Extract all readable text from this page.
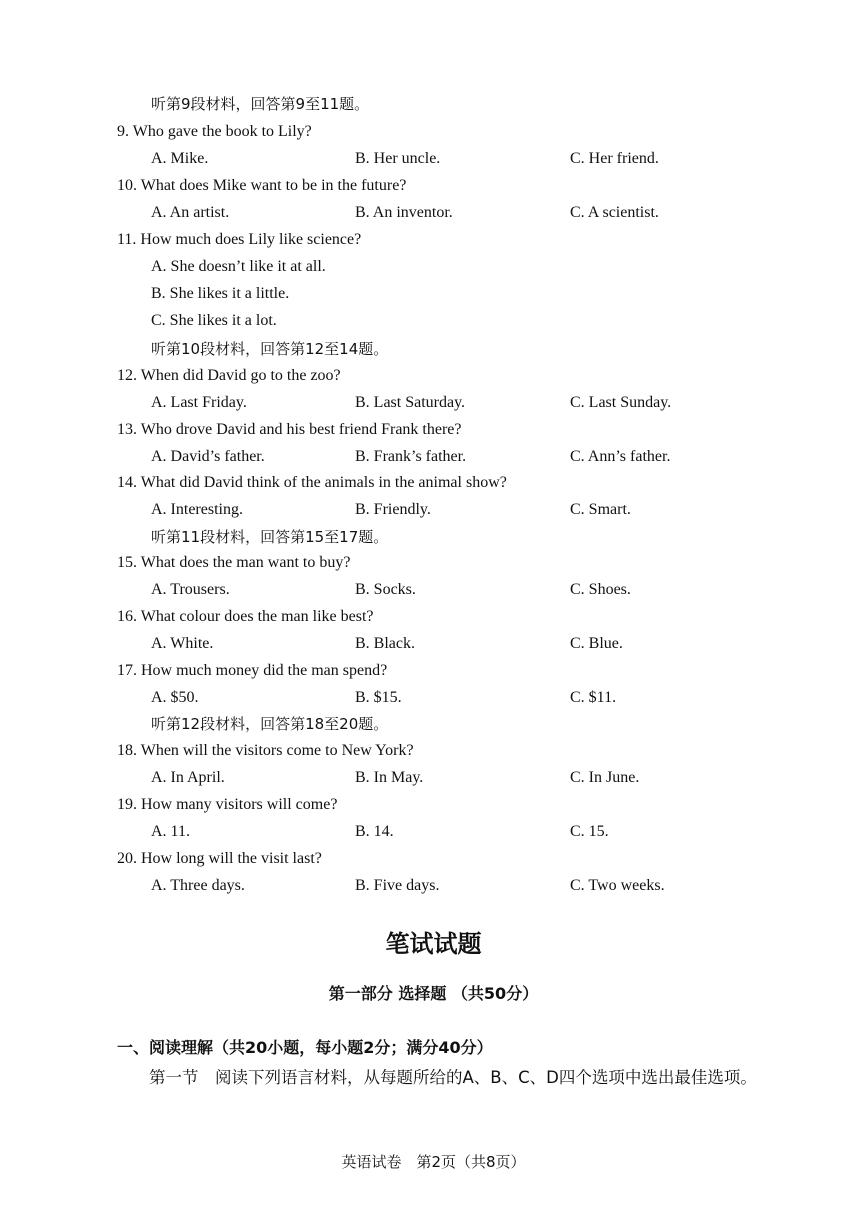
听第9段材料，回答第9至11题。
9. Who gave the book to Lily?
A. Mike.	B. Her uncle.	C. Her friend.
10. What does Mike want to be in the future?
A. An artist.	B. An inventor.	C. A scientist.
11. How much does Lily like science?
A. She doesn’t like it at all.
B. She likes it a little.
C. She likes it a lot.
听第10段材料，回答第12至14题。
12. When did David go to the zoo?
A. Last Friday.	B. Last Saturday.	C. Last Sunday.
13. Who drove David and his best friend Frank there?
A. David’s father.	B. Frank’s father.	C. Ann’s father.
14. What did David think of the animals in the animal show?
A. Interesting.	B. Friendly.	C. Smart.
听第11段材料，回答第15至17题。
15. What does the man want to buy?
A. Trousers.	B. Socks.	C. Shoes.
16. What colour does the man like best?
A. White.	B. Black.	C. Blue.
17. How much money did the man spend?
A. $50.	B. $15.	C. $11.
听第12段材料，回答第18至20题。
18. When will the visitors come to New York?
A. In April.	B. In May.	C. In June.
19. How many visitors will come?
A. 11.	B. 14.	C. 15.
20. How long will the visit last?
A. Three days.	B. Five days.	C. Two weeks.
笔试试题
第一部分 选择题 （共50分）
一、阅读理解（共20小题，每小题2分；满分40分）
第一节　阅读下列语言材料，从每题所给的A、B、C、D四个选项中选出最佳选项。
英语试卷　第2页（共8页）
